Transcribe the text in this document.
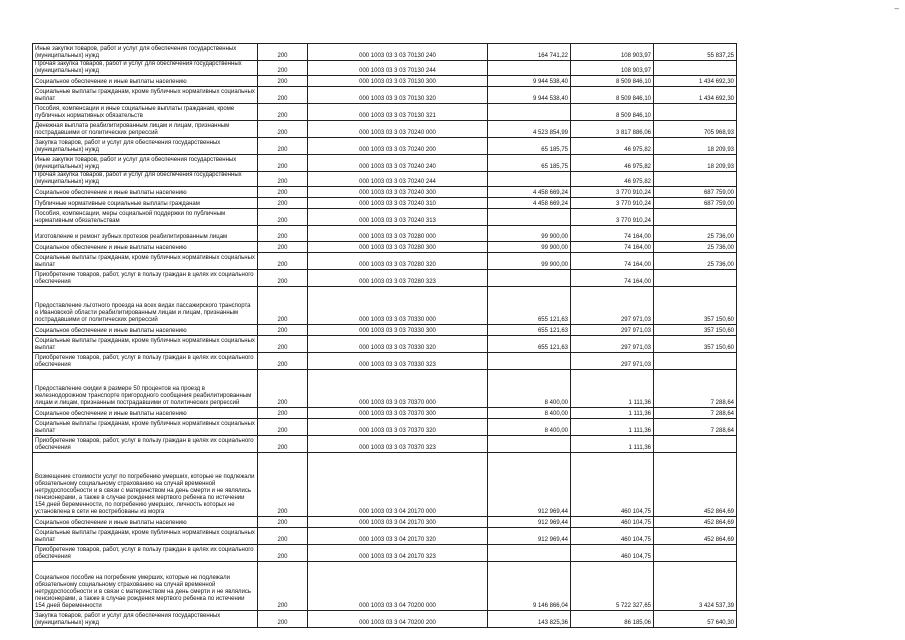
Иные закупки товаров, работ и услуг для обеспечения государственных (муниципальных) нужд	200	000 1003 03 3 03 70130 240	164 741,22	108 903,97	55 837,25
Прочая закупка товаров, работ и услуг для обеспечения государственных (муниципальных) нужд	200	000 1003 03 3 03 70130 244		108 903,97	
Социальное обеспечение и иные выплаты населению	200	000 1003 03 3 03 70130 300	9 944 538,40	8 509 846,10	1 434 692,30
Социальные выплаты гражданам, кроме публичных нормативных социальных выплат	200	000 1003 03 3 03 70130 320	9 944 538,40	8 509 846,10	1 434 692,30
Пособия, компенсации и иные социальные выплаты гражданам, кроме публичных нормативных обязательств	200	000 1003 03 3 03 70130 321		8 509 846,10	
Денежная выплата реабилитированным лицам и лицам, признанным пострадавшими от политических репрессий	200	000 1003 03 3 03 70240 000	4 523 854,99	3 817 886,06	705 968,93
Закупка товаров, работ и услуг для обеспечения государственных (муниципальных) нужд	200	000 1003 03 3 03 70240 200	65 185,75	46 975,82	18 209,93
Иные закупки товаров, работ и услуг для обеспечения государственных (муниципальных) нужд	200	000 1003 03 3 03 70240 240	65 185,75	46 975,82	18 209,93
Прочая закупка товаров, работ и услуг для обеспечения государственных (муниципальных) нужд	200	000 1003 03 3 03 70240 244		46 975,82	
Социальное обеспечение и иные выплаты населению	200	000 1003 03 3 03 70240 300	4 458 669,24	3 770 910,24	687 759,00
Публичные нормативные социальные выплаты гражданам	200	000 1003 03 3 03 70240 310	4 458 669,24	3 770 910,24	687 759,00
Пособия, компенсации, меры социальной поддержки по публичным нормативным обязательствам	200	000 1003 03 3 03 70240 313		3 770 910,24	
Изготовление и ремонт зубных протезов реабилитированным лицам	200	000 1003 03 3 03 70280 000	99 900,00	74 164,00	25 736,00
Социальное обеспечение и иные выплаты населению	200	000 1003 03 3 03 70280 300	99 900,00	74 164,00	25 736,00
Социальные выплаты гражданам, кроме публичных нормативных социальных выплат	200	000 1003 03 3 03 70280 320	99 900,00	74 164,00	25 736,00
Приобретение товаров, работ, услуг в пользу граждан в целях их социального обеспечения	200	000 1003 03 3 03 70280 323		74 164,00	
Предоставление льготного проезда на всех видах пассажирского транспорта в Ивановской области реабилитированным лицам и лицам, признанным пострадавшими от политических репрессий	200	000 1003 03 3 03 70330 000	655 121,63	297 971,03	357 150,60
Социальное обеспечение и иные выплаты населению	200	000 1003 03 3 03 70330 300	655 121,63	297 971,03	357 150,60
Социальные выплаты гражданам, кроме публичных нормативных социальных выплат	200	000 1003 03 3 03 70330 320	655 121,63	297 971,03	357 150,60
Приобретение товаров, работ, услуг в пользу граждан в целях их социального обеспечения	200	000 1003 03 3 03 70330 323		297 971,03	
Предоставление скидки в размере 50 процентов на проезд в железнодорожном транспорте пригородного сообщения реабилитированным лицам и лицам, признанным пострадавшими от политических репрессий	200	000 1003 03 3 03 70370 000	8 400,00	1 111,36	7 288,64
Социальное обеспечение и иные выплаты населению	200	000 1003 03 3 03 70370 300	8 400,00	1 111,36	7 288,64
Социальные выплаты гражданам, кроме публичных нормативных социальных выплат	200	000 1003 03 3 03 70370 320	8 400,00	1 111,36	7 288,64
Приобретение товаров, работ, услуг в пользу граждан в целях их социального обеспечения	200	000 1003 03 3 03 70370 323		1 111,36	
Возмещение стоимости услуг по погребению умерших, которые не подлежали обязательному социальному страхованию на случай временной нетрудоспособности и в связи с материнством на день смерти и не являлись пенсионерами, а также в случае рождения мертвого ребенка по истечении 154 дней беременности, по погребению умерших, личность которых не установлена в сети не востребованы из морга	200	000 1003 03 3 04 20170 000	912 969,44	460 104,75	452 864,69
Социальное обеспечение и иные выплаты населению	200	000 1003 03 3 04 20170 300	912 969,44	460 104,75	452 864,69
Социальные выплаты гражданам, кроме публичных нормативных социальных выплат	200	000 1003 03 3 04 20170 320	912 969,44	460 104,75	452 864,69
Приобретение товаров, работ, услуг в пользу граждан в целях их социального обеспечения	200	000 1003 03 3 04 20170 323		460 104,75	
Социальное пособие на погребение умерших, которые не подлежали обязательному социальному страхованию на случай временной нетрудоспособности и в связи с материнством на день смерти и не являлись пенсионерами, а также в случае рождения мертвого ребенка по истечении 154 дней беременности	200	000 1003 03 3 04 70200 000	9 146 866,04	5 722 327,65	3 424 537,39
Закупка товаров, работ и услуг для обеспечения государственных (муниципальных) нужд	200	000 1003 03 3 04 70200 200	143 825,36	86 185,06	57 640,30
–
